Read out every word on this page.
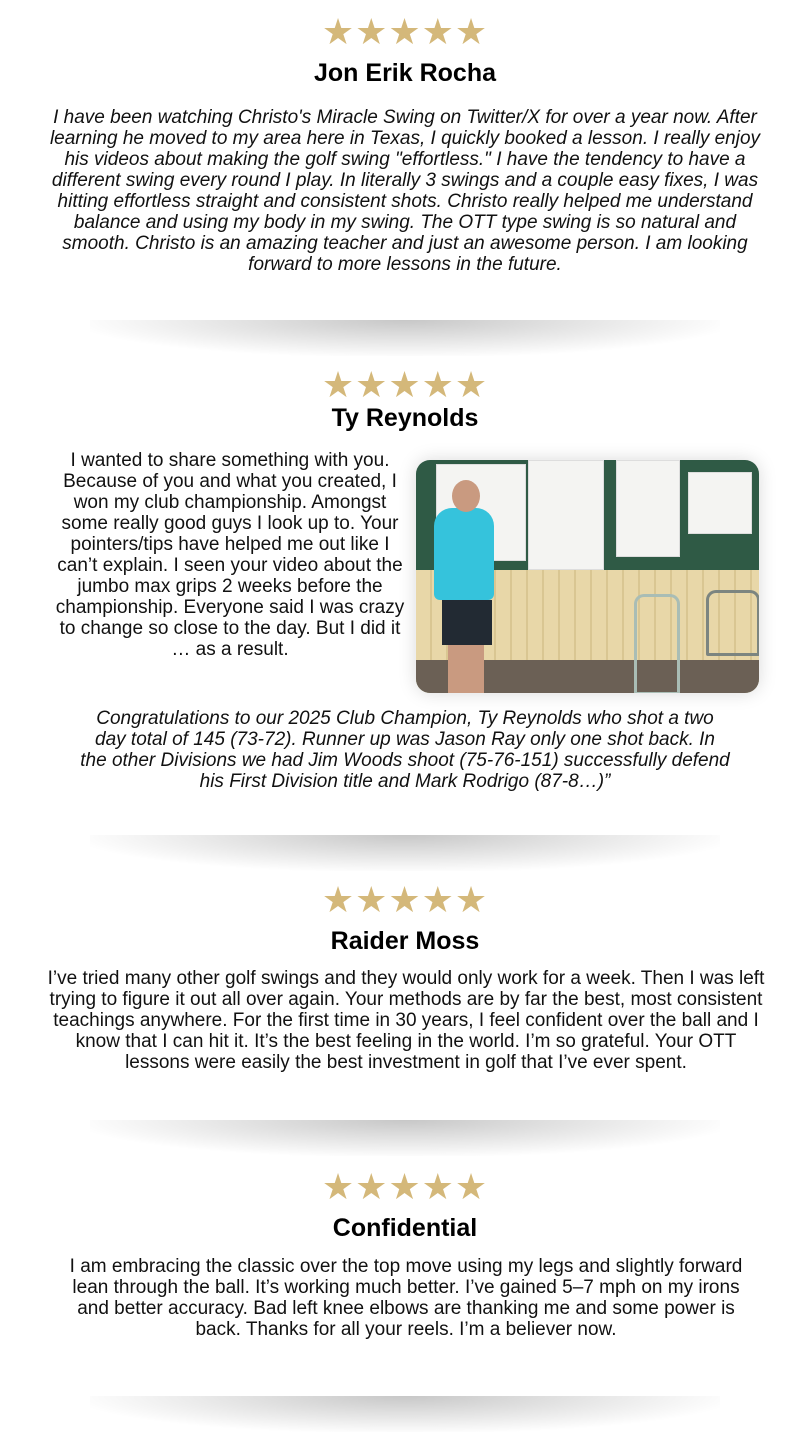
★★★★★
Jon Erik Rocha
I have been watching Christo's Miracle Swing on Twitter/X for over a year now. After learning he moved to my area here in Texas, I quickly booked a lesson. I really enjoy his videos about making the golf swing "effortless." I have the tendency to have a different swing every round I play. In literally 3 swings and a couple easy fixes, I was hitting effortless straight and consistent shots. Christo really helped me understand balance and using my body in my swing. The OTT type swing is so natural and smooth. Christo is an amazing teacher and just an awesome person. I am looking forward to more lessons in the future.
★★★★★
Ty Reynolds
I wanted to share something with you. Because of you and what you created, I won my club championship. Amongst some really good guys I look up to. Your pointers/tips have helped me out like I can’t explain. I seen your video about the jumbo max grips 2 weeks before the championship. Everyone said I was crazy to change so close to the day. But I did it … as a result.
Congratulations to our 2025 Club Champion, Ty Reynolds who shot a two day total of 145 (73-72). Runner up was Jason Ray only one shot back. In the other Divisions we had Jim Woods shoot (75-76-151) successfully defend his First Division title and Mark Rodrigo (87-8…)”
★★★★★
Raider Moss
I’ve tried many other golf swings and they would only work for a week. Then I was left trying to figure it out all over again. Your methods are by far the best, most consistent teachings anywhere. For the first time in 30 years, I feel confident over the ball and I know that I can hit it. It’s the best feeling in the world. I’m so grateful. Your OTT lessons were easily the best investment in golf that I’ve ever spent.
★★★★★
Confidential
I am embracing the classic over the top move using my legs and slightly forward lean through the ball. It’s working much better. I’ve gained 5–7 mph on my irons and better accuracy. Bad left knee elbows are thanking me and some power is back. Thanks for all your reels. I’m a believer now.
